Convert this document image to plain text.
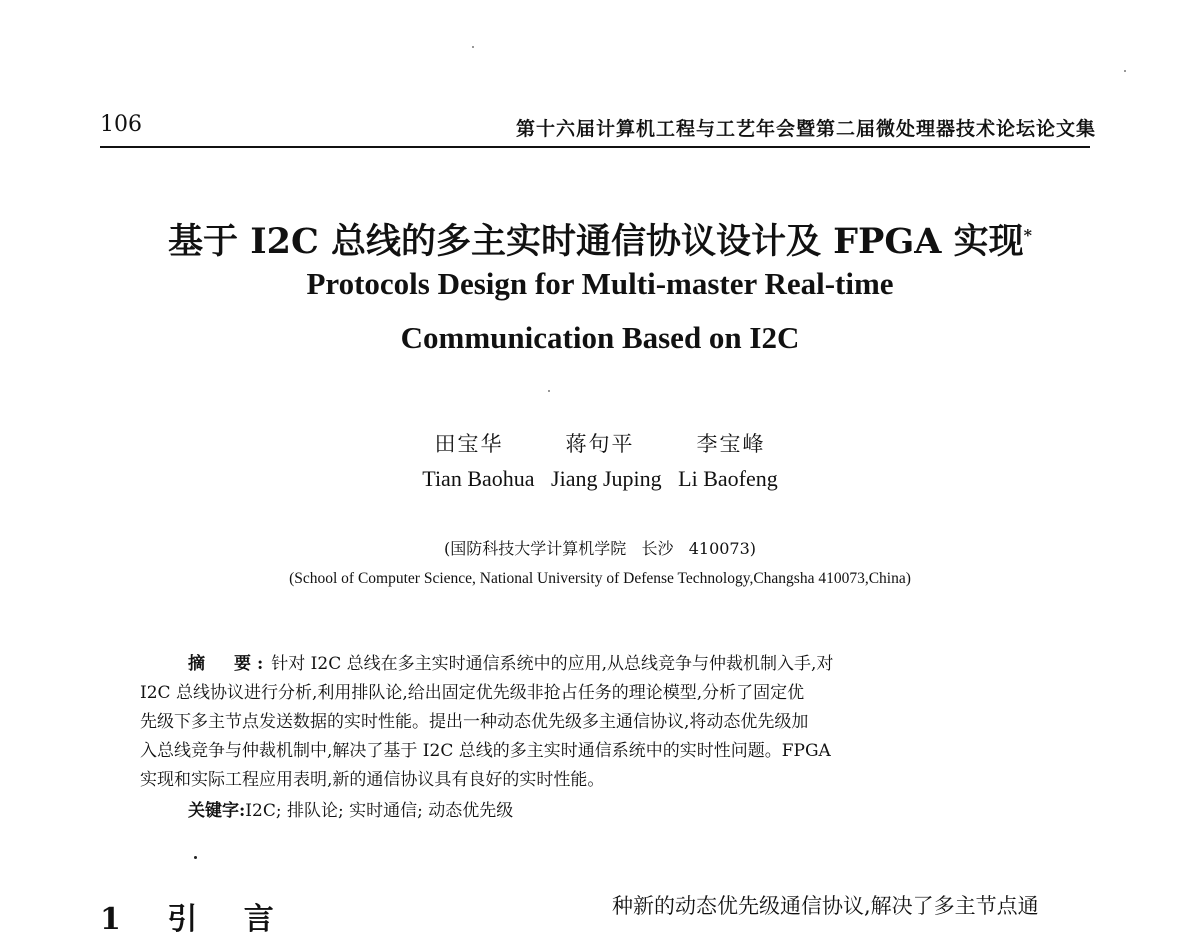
106	第十六届计算机工程与工艺年会暨第二届微处理器技术论坛论文集
基于 I2C 总线的多主实时通信协议设计及 FPGA 实现*
Protocols Design for Multi-master Real-time
Communication Based on I2C
田宝华   蒋句平   李宝峰
Tian Baohua   Jiang Juping   Li Baofeng
(国防科技大学计算机学院   长沙   410073)
(School of Computer Science, National University of Defense Technology,Changsha 410073,China)
摘　要: 针对 I2C 总线在多主实时通信系统中的应用,从总线竞争与仲裁机制入手,对
I2C 总线协议进行分析,利用排队论,给出固定优先级非抢占任务的理论模型,分析了固定优
先级下多主节点发送数据的实时性能。提出一种动态优先级多主通信协议,将动态优先级加
入总线竞争与仲裁机制中,解决了基于 I2C 总线的多主实时通信系统中的实时性问题。FPGA
实现和实际工程应用表明,新的通信协议具有良好的实时性能。
关键字:I2C; 排队论; 实时通信; 动态优先级
1 引 言	种新的动态优先级通信协议,解决了多主节点通
